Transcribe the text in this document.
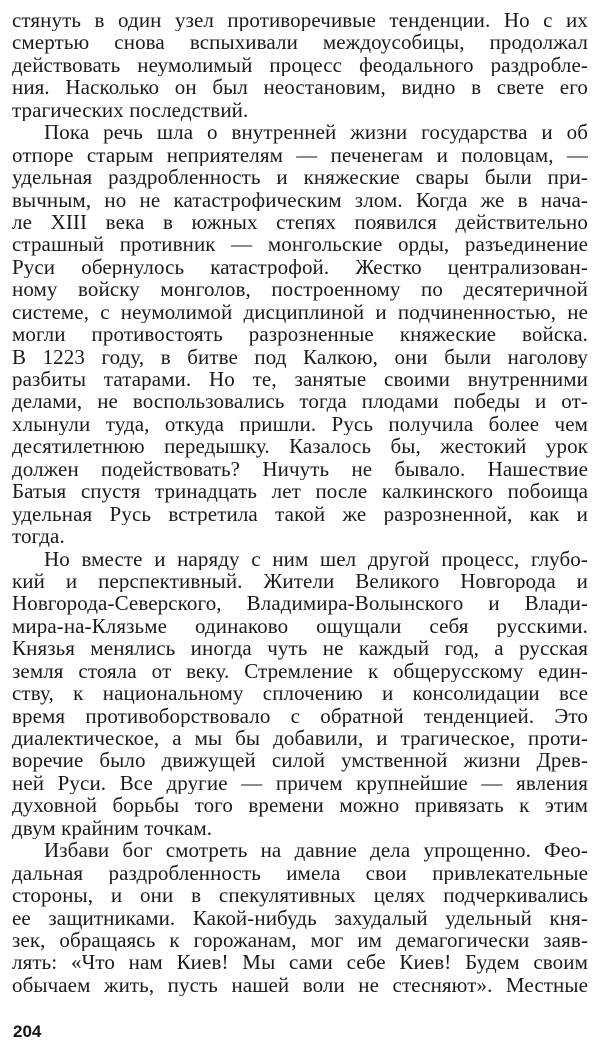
стянуть в один узел противоречивые тенденции. Но с их
смертью снова вспыхивали междоусобицы, продолжал
действовать неумолимый процесс феодального раздробле-
ния. Насколько он был неостановим, видно в свете его
трагических последствий.
Пока речь шла о внутренней жизни государства и об
отпоре старым неприятелям — печенегам и половцам, —
удельная раздробленность и княжеские свары были при-
вычным, но не катастрофическим злом. Когда же в нача-
ле XIII века в южных степях появился действительно
страшный противник — монгольские орды, разъединение
Руси обернулось катастрофой. Жестко централизован-
ному войску монголов, построенному по десятеричной
системе, с неумолимой дисциплиной и подчиненностью, не
могли противостоять разрозненные княжеские войска.
В 1223 году, в битве под Калкою, они были наголову
разбиты татарами. Но те, занятые своими внутренними
делами, не воспользовались тогда плодами победы и от-
хлынули туда, откуда пришли. Русь получила более чем
десятилетнюю передышку. Казалось бы, жестокий урок
должен подействовать? Ничуть не бывало. Нашествие
Батыя спустя тринадцать лет после калкинского побоища
удельная Русь встретила такой же разрозненной, как и
тогда.
Но вместе и наряду с ним шел другой процесс, глубо-
кий и перспективный. Жители Великого Новгорода и
Новгорода-Северского, Владимира-Волынского и Влади-
мира-на-Клязьме одинаково ощущали себя русскими.
Князья менялись иногда чуть не каждый год, а русская
земля стояла от веку. Стремление к общерусскому един-
ству, к национальному сплочению и консолидации все
время противоборствовало с обратной тенденцией. Это
диалектическое, а мы бы добавили, и трагическое, проти-
воречие было движущей силой умственной жизни Древ-
ней Руси. Все другие — причем крупнейшие — явления
духовной борьбы того времени можно привязать к этим
двум крайним точкам.
Избави бог смотреть на давние дела упрощенно. Фео-
дальная раздробленность имела свои привлекательные
стороны, и они в спекулятивных целях подчеркивались
ее защитниками. Какой-нибудь захудалый удельный кня-
зек, обращаясь к горожанам, мог им демагогически заяв-
лять: «Что нам Киев! Мы сами себе Киев! Будем своим
обычаем жить, пусть нашей воли не стесняют». Местные
204
